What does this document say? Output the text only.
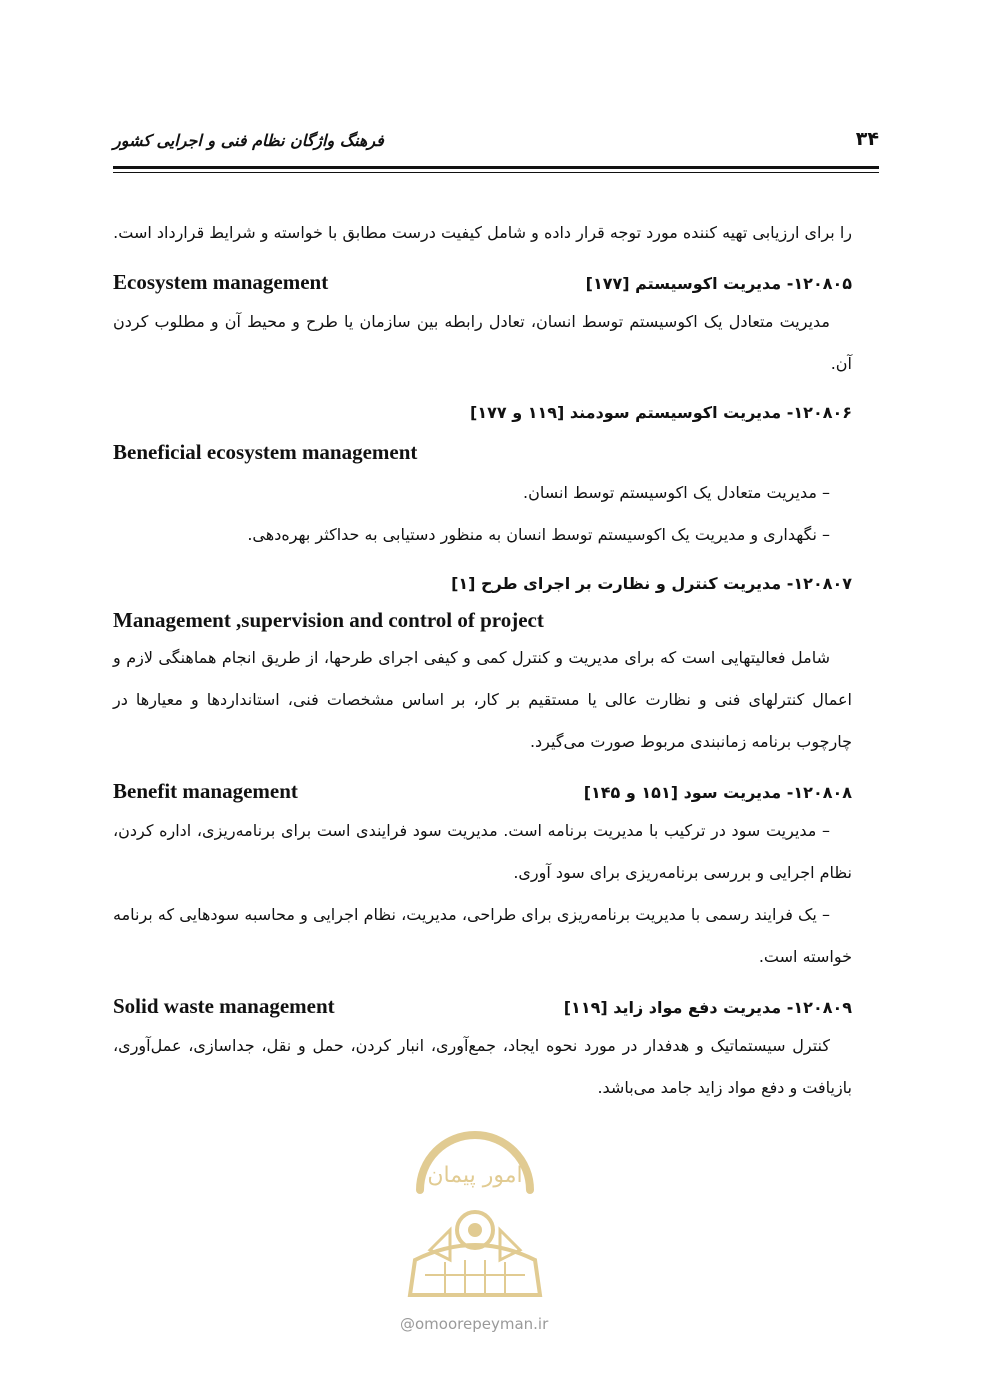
۳۴
فرهنگ واژگان نظام فنی و اجرایی کشور

را برای ارزیابی تهیه کننده مورد توجه قرار داده و شامل کیفیت درست مطابق با خواسته و شرایط قرارداد است.

۱۲۰۸۰۵- مدیریت اکوسیستم [۱۷۷]
Ecosystem management

مدیریت متعادل یک اکوسیستم توسط انسان، تعادل رابطه بین سازمان یا طرح و محیط آن و مطلوب کردن آن.

۱۲۰۸۰۶- مدیریت اکوسیستم سودمند [۱۱۹ و ۱۷۷]
Beneficial ecosystem management
– مدیریت متعادل یک اکوسیستم توسط انسان.
– نگهداری و مدیریت یک اکوسیستم توسط انسان به منظور دستیابی به حداکثر بهره‌دهی.
۱۲۰۸۰۷- مدیریت کنترل و نظارت بر اجرای طرح [۱]
Management ,supervision and control of project

شامل فعالیتهایی است که برای مدیریت و کنترل کمی و کیفی اجرای طرحها، از طریق انجام هماهنگی لازم و اعمال کنترلهای فنی و نظارت عالی یا مستقیم بر کار، بر اساس مشخصات فنی، استانداردها و معیارها در چارچوب برنامه زمانبندی مربوط صورت می‌گیرد.

۱۲۰۸۰۸- مدیریت سود [۱۵۱ و ۱۴۵]
Benefit management

– مدیریت سود در ترکیب با مدیریت برنامه است. مدیریت سود فرایندی است برای برنامه‌ریزی، اداره کردن، نظام اجرایی و بررسی برنامه‌ریزی برای سود آوری.

– یک فرایند رسمی با مدیریت برنامه‌ریزی برای طراحی، مدیریت، نظام اجرایی و محاسبه سودهایی که برنامه خواسته است.

۱۲۰۸۰۹- مدیریت دفع مواد زاید [۱۱۹]
Solid waste management

کنترل سیستماتیک و هدفدار در مورد نحوه ایجاد، جمع‌آوری، انبار کردن، حمل و نقل، جداسازی، عمل‌آوری، بازیافت و دفع مواد زاید جامد می‌باشد.

امور پیمان
@omoorepeyman.ir
